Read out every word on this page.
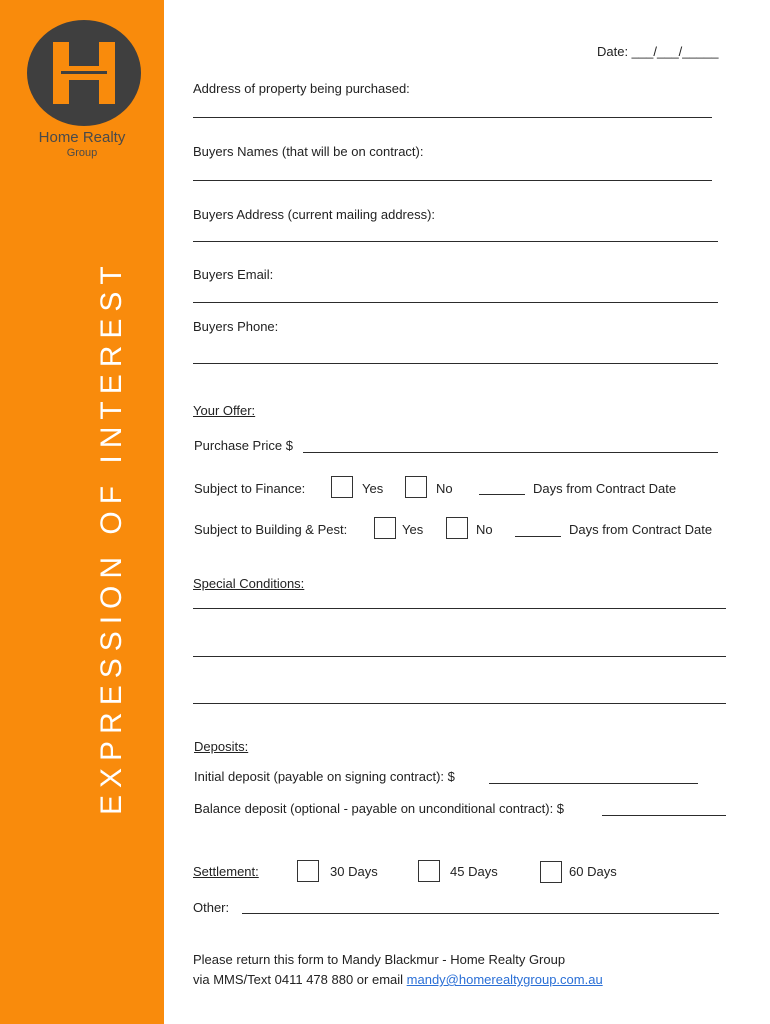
Home Realty
Group
EXPRESSION OF INTEREST
Date: ___/___/_____
Address of property being purchased:
Buyers Names (that will be on contract):
Buyers Address (current mailing address):
Buyers Email:
Buyers Phone:
Your Offer:
Purchase Price $
Subject to Finance:	Yes	No	Days from Contract Date
Subject to Building & Pest:	Yes	No	Days from Contract Date
Special Conditions:
Deposits:
Initial deposit (payable on signing contract): $
Balance deposit (optional - payable on unconditional contract): $
Settlement:	30 Days	45 Days	60 Days
Other:
Please return this form to Mandy Blackmur - Home Realty Group
via MMS/Text 0411 478 880 or email mandy@homerealtygroup.com.au
